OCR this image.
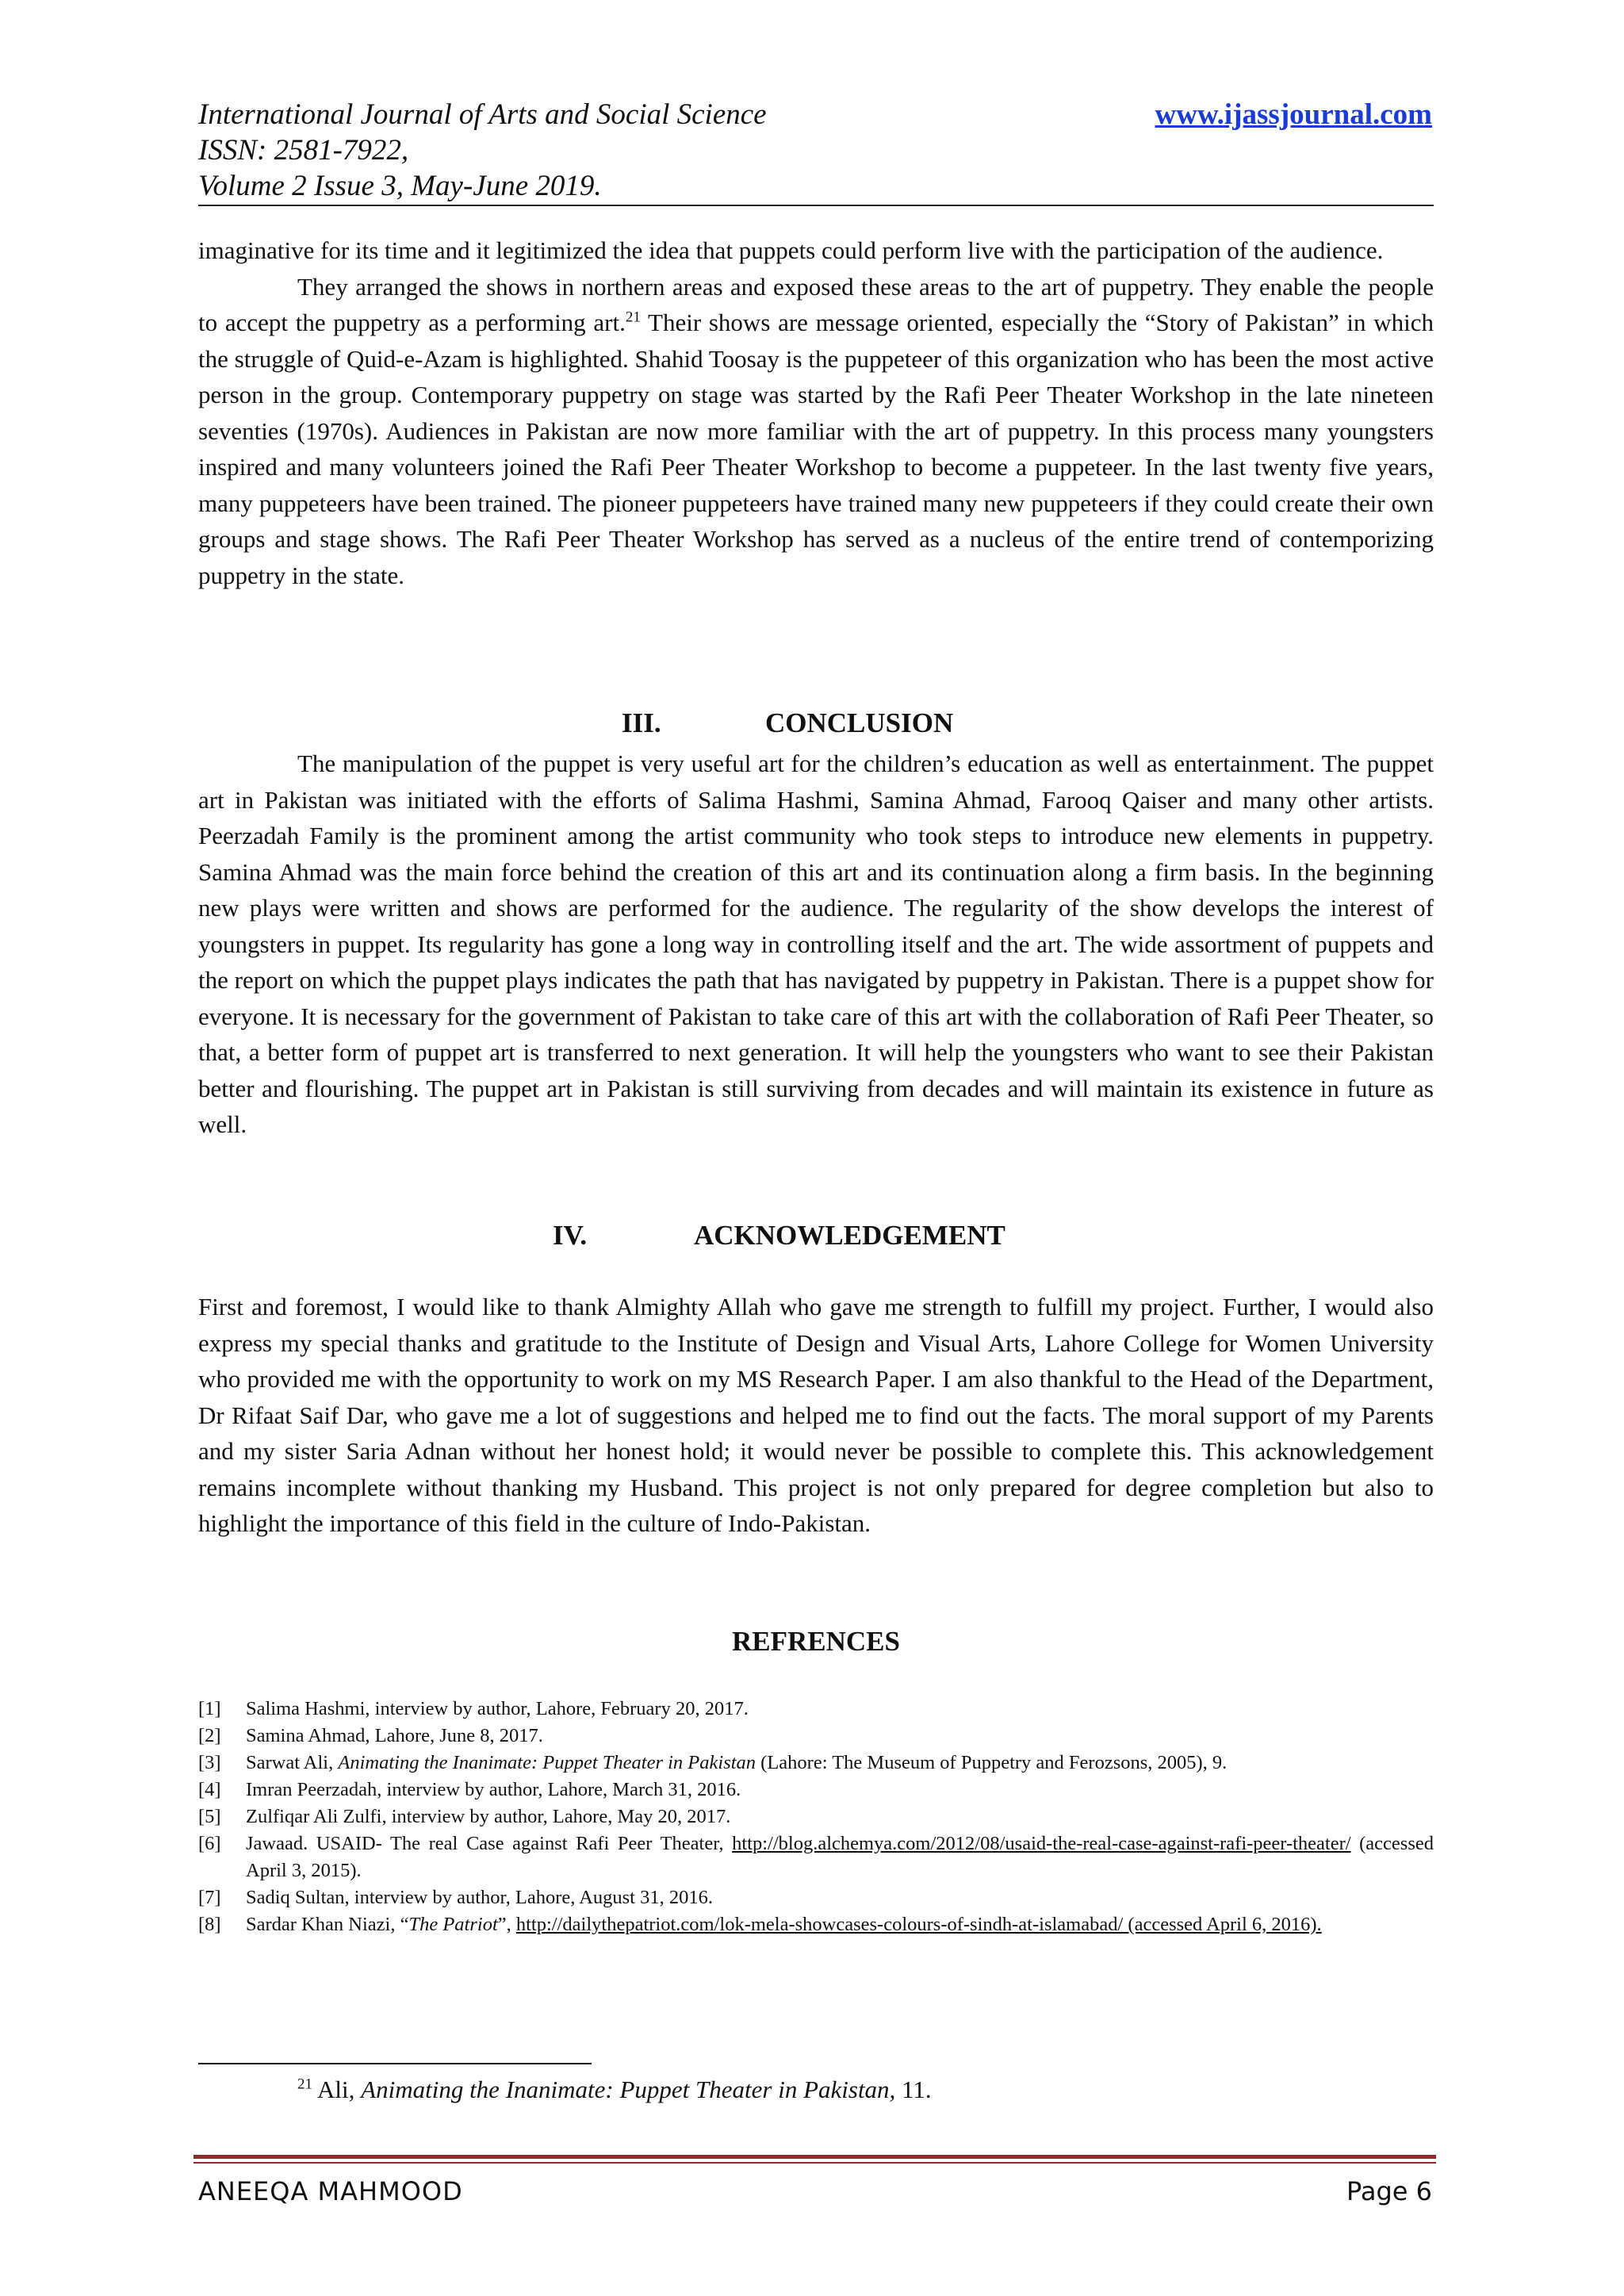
International Journal of Arts and Social Science
ISSN: 2581-7922,
Volume 2 Issue 3, May-June 2019.
www.ijassjournal.com

imaginative for its time and it legitimized the idea that puppets could perform live with the participation of the audience.

They arranged the shows in northern areas and exposed these areas to the art of puppetry. They enable the people to accept the puppetry as a performing art.$^{21}$ Their shows are message oriented, especially the “Story of Pakistan” in which the struggle of Quid-e-Azam is highlighted. Shahid Toosay is the puppeteer of this organization who has been the most active person in the group. Contemporary puppetry on stage was started by the Rafi Peer Theater Workshop in the late nineteen seventies (1970s). Audiences in Pakistan are now more familiar with the art of puppetry. In this process many youngsters inspired and many volunteers joined the Rafi Peer Theater Workshop to become a puppeteer. In the last twenty five years, many puppeteers have been trained. The pioneer puppeteers have trained many new puppeteers if they could create their own groups and stage shows. The Rafi Peer Theater Workshop has served as a nucleus of the entire trend of contemporizing puppetry in the state.

III.	CONCLUSION

The manipulation of the puppet is very useful art for the children’s education as well as entertainment. The puppet art in Pakistan was initiated with the efforts of Salima Hashmi, Samina Ahmad, Farooq Qaiser and many other artists. Peerzadah Family is the prominent among the artist community who took steps to introduce new elements in puppetry. Samina Ahmad was the main force behind the creation of this art and its continuation along a firm basis. In the beginning new plays were written and shows are performed for the audience. The regularity of the show develops the interest of youngsters in puppet. Its regularity has gone a long way in controlling itself and the art. The wide assortment of puppets and the report on which the puppet plays indicates the path that has navigated by puppetry in Pakistan. There is a puppet show for everyone. It is necessary for the government of Pakistan to take care of this art with the collaboration of Rafi Peer Theater, so that, a better form of puppet art is transferred to next generation. It will help the youngsters who want to see their Pakistan better and flourishing. The puppet art in Pakistan is still surviving from decades and will maintain its existence in future as well.

IV.	ACKNOWLEDGEMENT

First and foremost, I would like to thank Almighty Allah who gave me strength to fulfill my project. Further, I would also express my special thanks and gratitude to the Institute of Design and Visual Arts, Lahore College for Women University who provided me with the opportunity to work on my MS Research Paper. I am also thankful to the Head of the Department, Dr Rifaat Saif Dar, who gave me a lot of suggestions and helped me to find out the facts. The moral support of my Parents and my sister Saria Adnan without her honest hold; it would never be possible to complete this. This acknowledgement remains incomplete without thanking my Husband. This project is not only prepared for degree completion but also to highlight the importance of this field in the culture of Indo-Pakistan.

REFRENCES
[1]	Salima Hashmi, interview by author, Lahore, February 20, 2017.
[2]	Samina Ahmad, Lahore, June 8, 2017.
[3]	Sarwat Ali, Animating the Inanimate: Puppet Theater in Pakistan (Lahore: The Museum of Puppetry and Ferozsons, 2005), 9.
[4]	Imran Peerzadah, interview by author, Lahore, March 31, 2016.
[5]	Zulfiqar Ali Zulfi, interview by author, Lahore, May 20, 2017.
[6]	Jawaad. USAID- The real Case against Rafi Peer Theater, http://blog.alchemya.com/2012/08/usaid-the-real-case-against-rafi-peer-theater/ (accessed April 3, 2015).
[7]	Sadiq Sultan, interview by author, Lahore, August 31, 2016.
[8]	Sardar Khan Niazi, “The Patriot”, http://dailythepatriot.com/lok-mela-showcases-colours-of-sindh-at-islamabad/ (accessed April 6, 2016).
$^{21}$ Ali, Animating the Inanimate: Puppet Theater in Pakistan, 11.
ANEEQA MAHMOOD	Page 6
